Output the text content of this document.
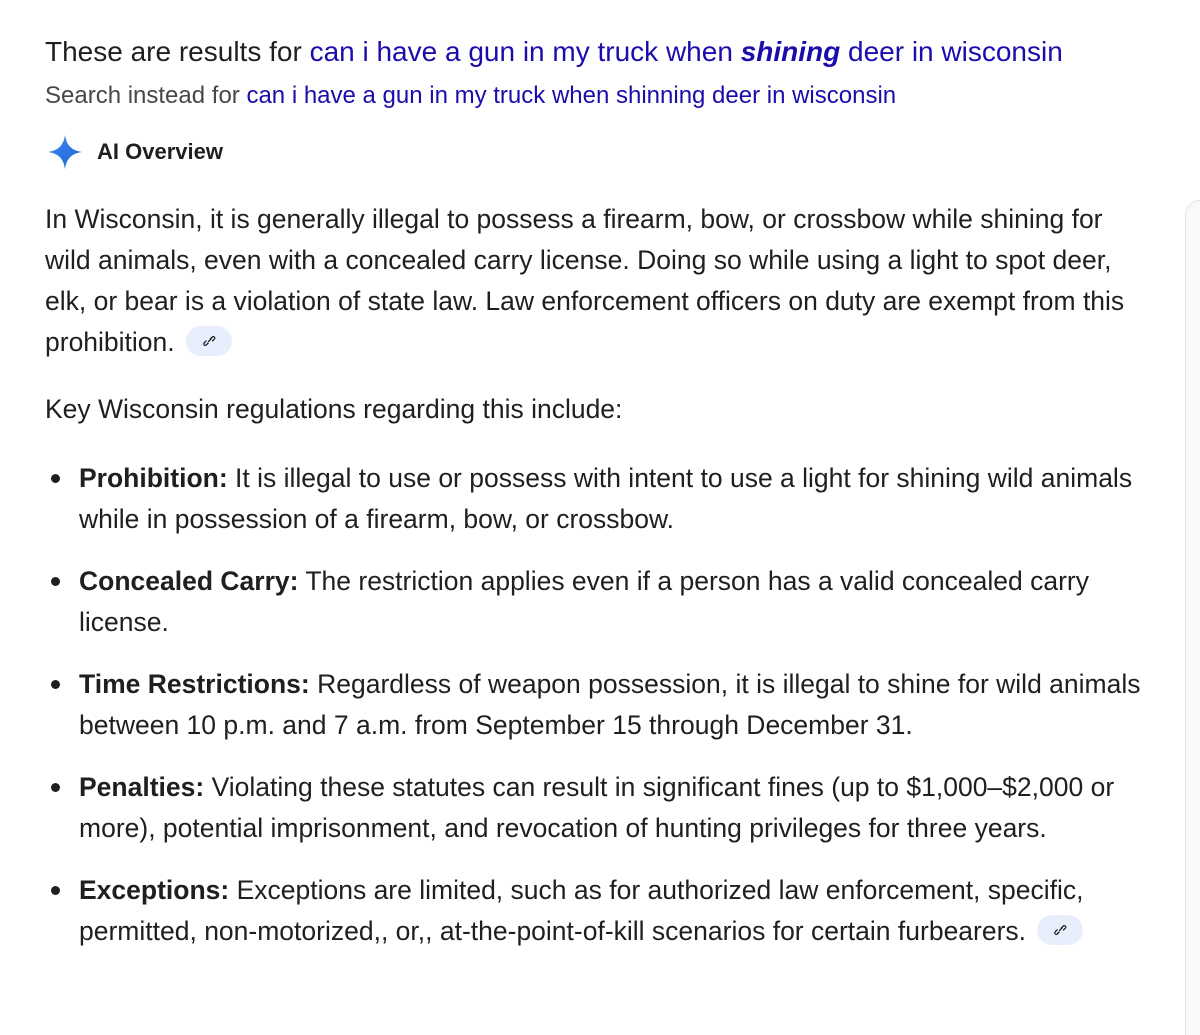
These are results for can i have a gun in my truck when shining deer in wisconsin
Search instead for can i have a gun in my truck when shinning deer in wisconsin
AI Overview

In Wisconsin, it is generally illegal to possess a firearm, bow, or crossbow while shining for wild animals, even with a concealed carry license. Doing so while using a light to spot deer, elk, or bear is a violation of state law. Law enforcement officers on duty are exempt from this prohibition.

Key Wisconsin regulations regarding this include:
Prohibition: It is illegal to use or possess with intent to use a light for shining wild animals while in possession of a firearm, bow, or crossbow.
Concealed Carry: The restriction applies even if a person has a valid concealed carry license.
Time Restrictions: Regardless of weapon possession, it is illegal to shine for wild animals between 10 p.m. and 7 a.m. from September 15 through December 31.
Penalties: Violating these statutes can result in significant fines (up to $1,000–$2,000 or more), potential imprisonment, and revocation of hunting privileges for three years.
Exceptions: Exceptions are limited, such as for authorized law enforcement, specific, permitted, non-motorized,, or,, at-the-point-of-kill scenarios for certain furbearers.
